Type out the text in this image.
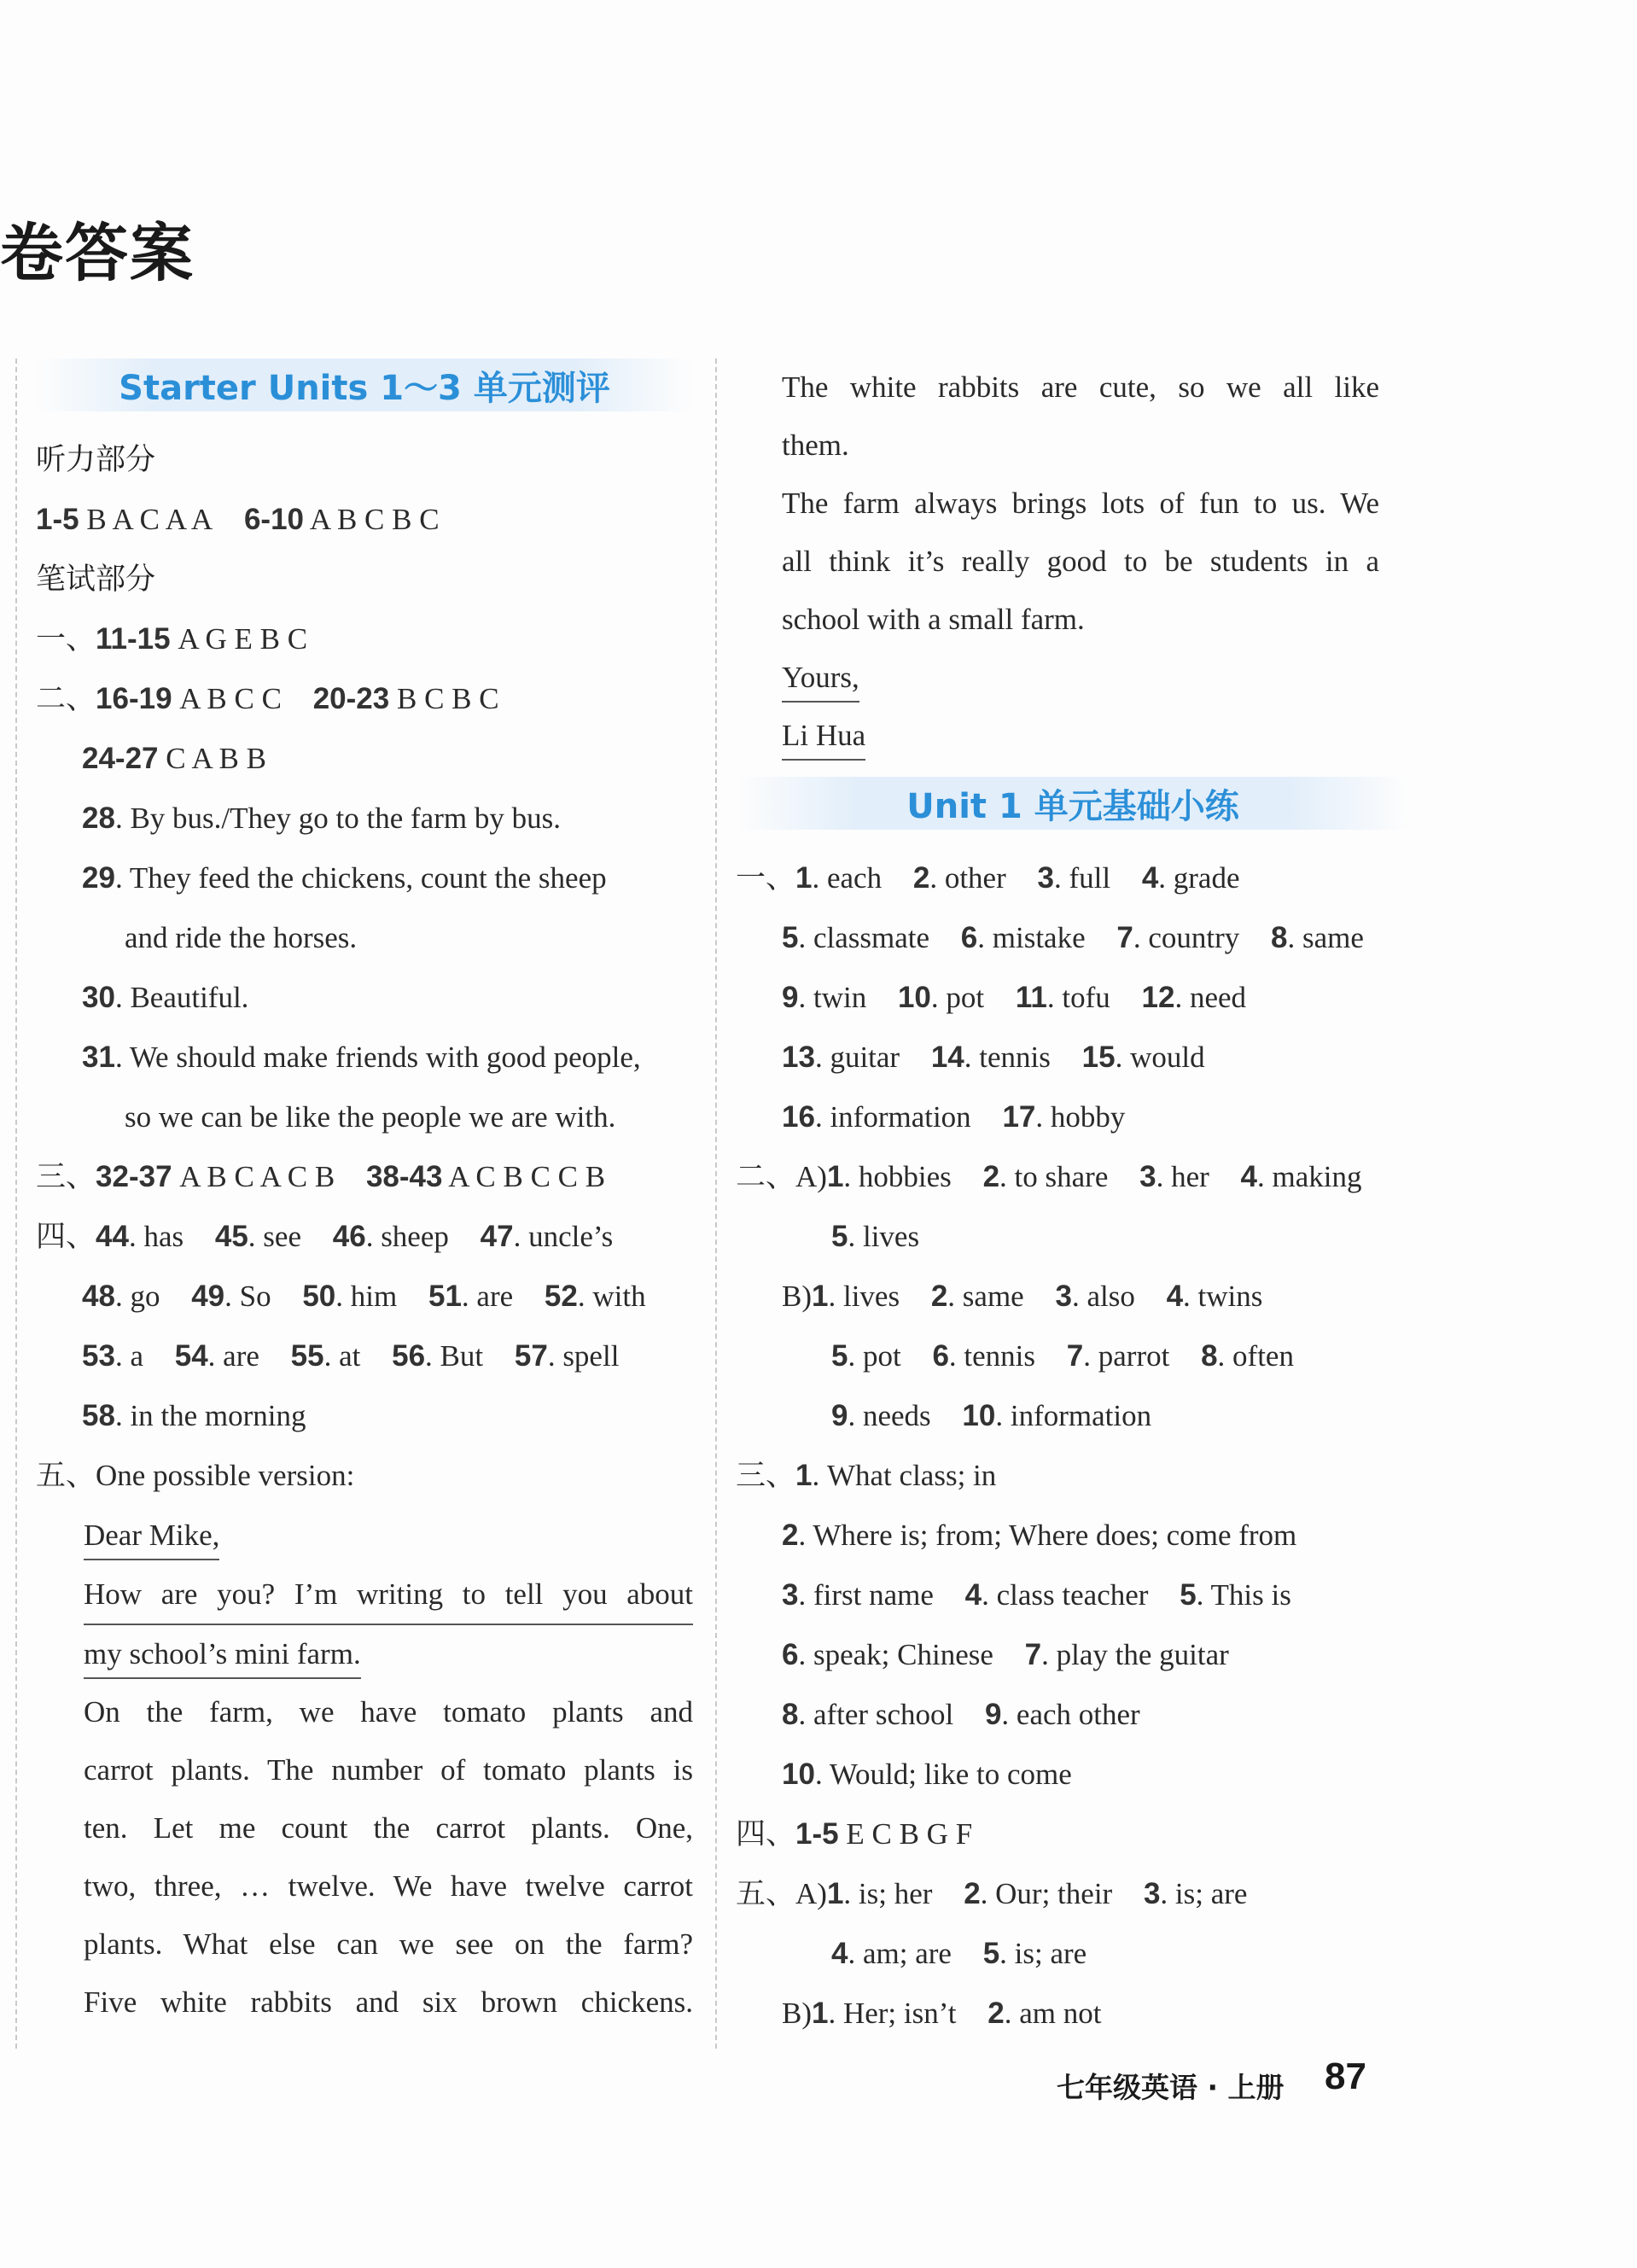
卷答案
Starter Units 1～3 单元测评
听力部分
1-5 B A C A A 6-10 A B C B C
笔试部分
一、11-15 A G E B C
二、16-19 A B C C 20-23 B C B C
24-27 C A B B
28. By bus./They go to the farm by bus.
29. They feed the chickens, count the sheep
and ride the horses.
30. Beautiful.
31. We should make friends with good people,
so we can be like the people we are with.
三、32-37 A B C A C B 38-43 A C B C C B
四、44. has 45. see 46. sheep 47. uncle’s
48. go 49. So 50. him 51. are 52. with
53. a 54. are 55. at 56. But 57. spell
58. in the morning
五、One possible version:
Dear Mike,
How are you? I’m writing to tell you about
my school’s mini farm.
On the farm, we have tomato plants and
carrot plants. The number of tomato plants is
ten. Let me count the carrot plants. One,
two, three, … twelve. We have twelve carrot
plants. What else can we see on the farm?
Five white rabbits and six brown chickens.
The white rabbits are cute, so we all like
them.
The farm always brings lots of fun to us. We
all think it’s really good to be students in a
school with a small farm.
Yours,
Li Hua
Unit 1 单元基础小练
一、1. each 2. other 3. full 4. grade
5. classmate 6. mistake 7. country 8. same
9. twin 10. pot 11. tofu 12. need
13. guitar 14. tennis 15. would
16. information 17. hobby
二、A)1. hobbies 2. to share 3. her 4. making
5. lives
B)1. lives 2. same 3. also 4. twins
5. pot 6. tennis 7. parrot 8. often
9. needs 10. information
三、1. What class; in
2. Where is; from; Where does; come from
3. first name 4. class teacher 5. This is
6. speak; Chinese 7. play the guitar
8. after school 9. each other
10. Would; like to come
四、1-5 E C B G F
五、A)1. is; her 2. Our; their 3. is; are
4. am; are 5. is; are
B)1. Her; isn’t 2. am not
七年级英语 · 上册 87
